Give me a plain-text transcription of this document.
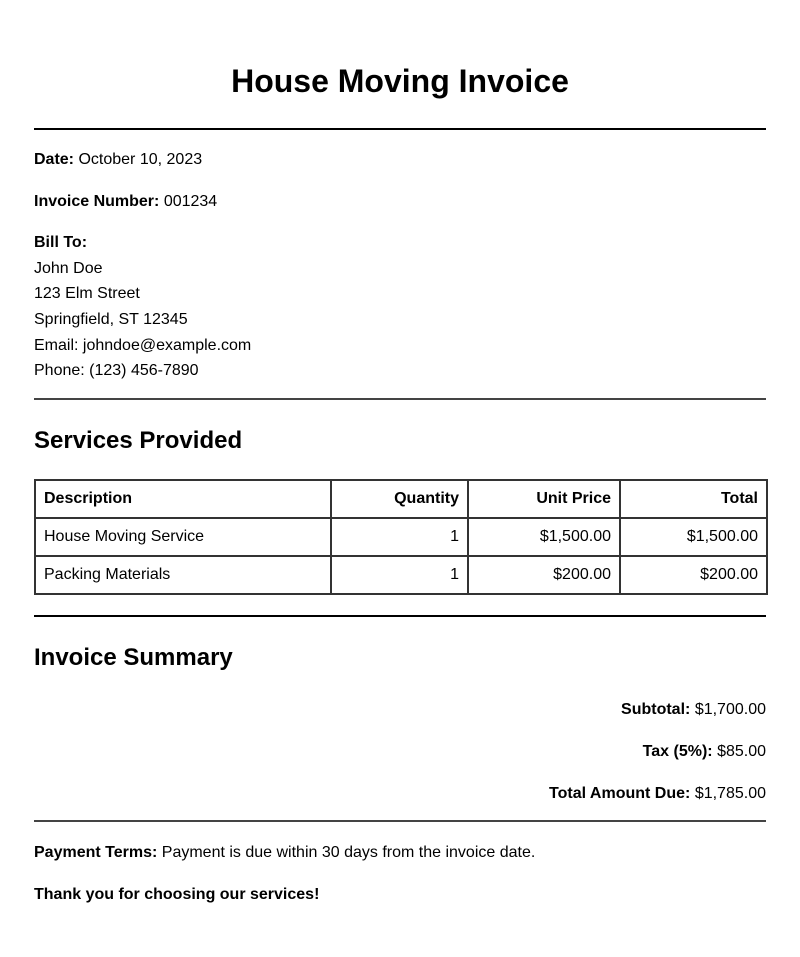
House Moving Invoice
Date: October 10, 2023
Invoice Number: 001234
Bill To:
John Doe
123 Elm Street
Springfield, ST 12345
Email: johndoe@example.com
Phone: (123) 456-7890
Services Provided
Description	Quantity	Unit Price	Total
House Moving Service	1	$1,500.00	$1,500.00
Packing Materials	1	$200.00	$200.00
Invoice Summary
Subtotal: $1,700.00
Tax (5%): $85.00
Total Amount Due: $1,785.00
Payment Terms: Payment is due within 30 days from the invoice date.
Thank you for choosing our services!
